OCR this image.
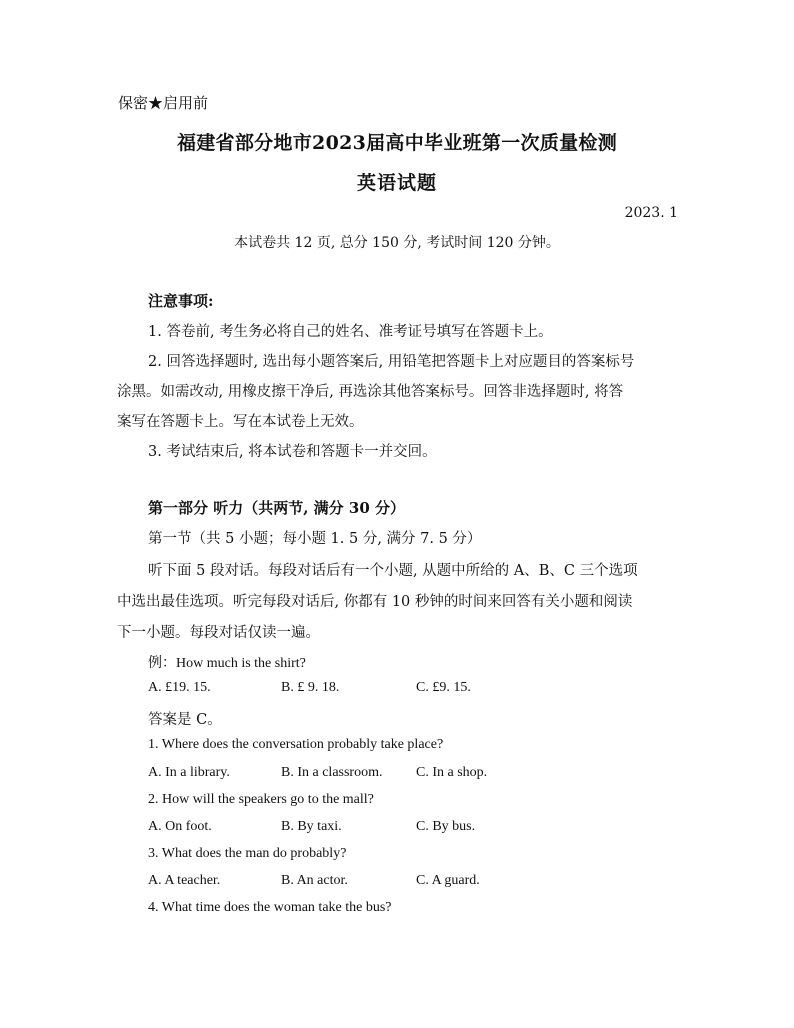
保密★启用前
福建省部分地市2023届高中毕业班第一次质量检测
英语试题
2023. 1
本试卷共 12 页, 总分 150 分, 考试时间 120 分钟。
注意事项:
1. 答卷前, 考生务必将自己的姓名、准考证号填写在答题卡上。
2. 回答选择题时, 选出每小题答案后, 用铅笔把答题卡上对应题目的答案标号
涂黑。如需改动, 用橡皮擦干净后, 再选涂其他答案标号。回答非选择题时, 将答
案写在答题卡上。写在本试卷上无效。
3. 考试结束后, 将本试卷和答题卡一并交回。
第一部分 听力（共两节, 满分 30 分）
第一节（共 5 小题；每小题 1. 5 分, 满分 7. 5 分）
听下面 5 段对话。每段对话后有一个小题, 从题中所给的 A、B、C 三个选项
中选出最佳选项。听完每段对话后, 你都有 10 秒钟的时间来回答有关小题和阅读
下一小题。每段对话仅读一遍。
例：How much is the shirt?
A. £19. 15.	B. £ 9. 18.	C. £9. 15.
答案是 C。
1. Where does the conversation probably take place?
A. In a library.	B. In a classroom. C. In a shop.
2. How will the speakers go to the mall?
A. On foot.	B. By taxi.	C. By bus.
3. What does the man do probably?
A. A teacher.	B. An actor.	C. A guard.
4. What time does the woman take the bus?
